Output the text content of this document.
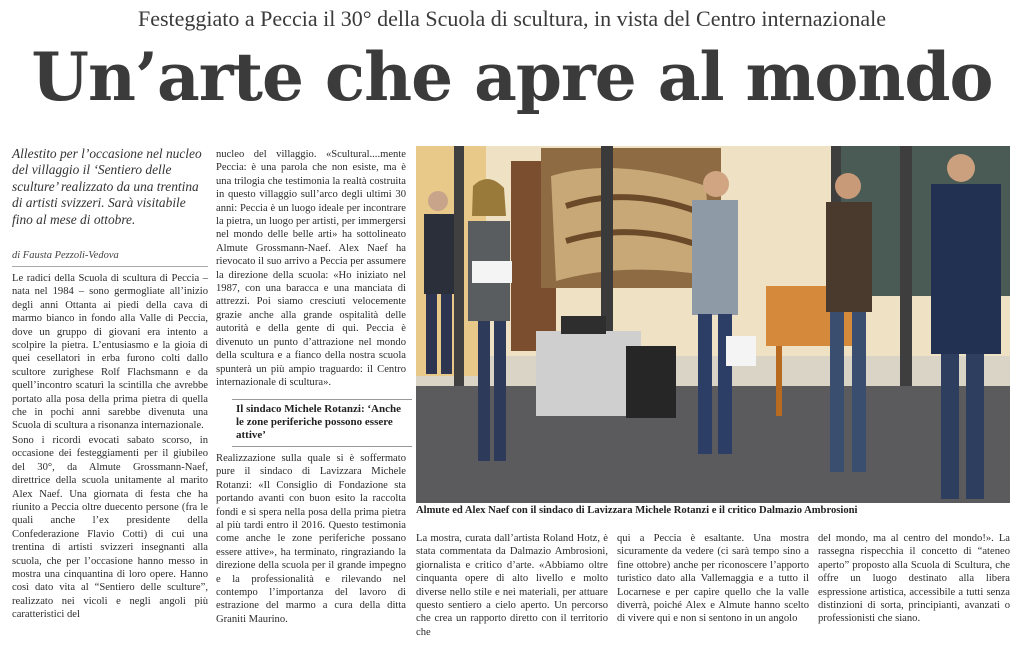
Festeggiato a Peccia il 30° della Scuola di scultura, in vista del Centro internazionale
Un’arte che apre al mondo
Allestito per l’occasione nel nucleo del villaggio il ‘Sentiero delle sculture’ realizzato da una trentina di artisti svizzeri. Sarà visitabile fino al mese di ottobre.
di Fausta Pezzoli-Vedova

Le radici della Scuola di scultura di Peccia – nata nel 1984 – sono germogliate all’inizio degli anni Ottanta ai piedi della cava di marmo bianco in fondo alla Valle di Peccia, dove un gruppo di giovani era intento a scolpire la pietra. L’entusiasmo e la gioia di quei cesellatori in erba furono colti dallo scultore zurighese Rolf Flachsmann e da quell’incontro scaturì la scintilla che avrebbe portato alla posa della prima pietra di quella che in pochi anni sarebbe divenuta una Scuola di scultura a risonanza internazionale.

Sono i ricordi evocati sabato scorso, in occasione dei festeggiamenti per il giubileo del 30°, da Almute Grossmann-Naef, direttrice della scuola unitamente al marito Alex Naef. Una giornata di festa che ha riunito a Peccia oltre duecento persone (fra le quali anche l’ex presidente della Confederazione Flavio Cotti) di cui una trentina di artisti svizzeri insegnanti alla scuola, che per l’occasione hanno messo in mostra una cinquantina di loro opere. Hanno così dato vita al “Sentiero delle sculture”, realizzato nei vicoli e negli angoli più caratteristici del

nucleo del villaggio. «Scultural....mente Peccia: è una parola che non esiste, ma è una trilogia che testimonia la realtà costruita in questo villaggio sull’arco degli ultimi 30 anni: Peccia è un luogo ideale per incontrare la pietra, un luogo per artisti, per immergersi nel mondo delle belle arti» ha sottolineato Almute Grossmann-Naef. Alex Naef ha rievocato il suo arrivo a Peccia per assumere la direzione della scuola: «Ho iniziato nel 1987, con una baracca e una manciata di attrezzi. Poi siamo cresciuti velocemente grazie anche alla grande ospitalità delle autorità e della gente di qui. Peccia è divenuto un punto d’attrazione nel mondo della scultura e a fianco della nostra scuola spunterà un più ampio traguardo: il Centro internazionale di scultura».

Il sindaco Michele Rotanzi: ‘Anche le zone periferiche possono essere attive’

Realizzazione sulla quale si è soffermato pure il sindaco di Lavizzara Michele Rotanzi: «Il Consiglio di Fondazione sta portando avanti con buon esito la raccolta fondi e si spera nella posa della prima pietra al più tardi entro il 2016. Questo testimonia come anche le zone periferiche possano essere attive», ha terminato, ringraziando la direzione della scuola per il grande impegno e la professionalità e rilevando nel contempo l’importanza del lavoro di estrazione del marmo a cura della ditta Graniti Maurino.

Almute ed Alex Naef con il sindaco di Lavizzara Michele Rotanzi e il critico Dalmazio Ambrosioni

La mostra, curata dall’artista Roland Hotz, è stata commentata da Dalmazio Ambrosioni, giornalista e critico d’arte. «Abbiamo oltre cinquanta opere di alto livello e molto diverse nello stile e nei materiali, per attuare questo sentiero a cielo aperto. Un percorso che crea un rapporto diretto con il territorio che

qui a Peccia è esaltante. Una mostra sicuramente da vedere (ci sarà tempo sino a fine ottobre) anche per riconoscere l’apporto turistico dato alla Vallemaggia e a tutto il Locarnese e per capire quello che la valle diverrà, poiché Alex e Almute hanno scelto di vivere qui e non si sentono in un angolo

del mondo, ma al centro del mondo!». La rassegna rispecchia il concetto di “ateneo aperto” proposto alla Scuola di Scultura, che offre un luogo destinato alla libera espressione artistica, accessibile a tutti senza distinzioni di sorta, principianti, avanzati o professionisti che siano.
